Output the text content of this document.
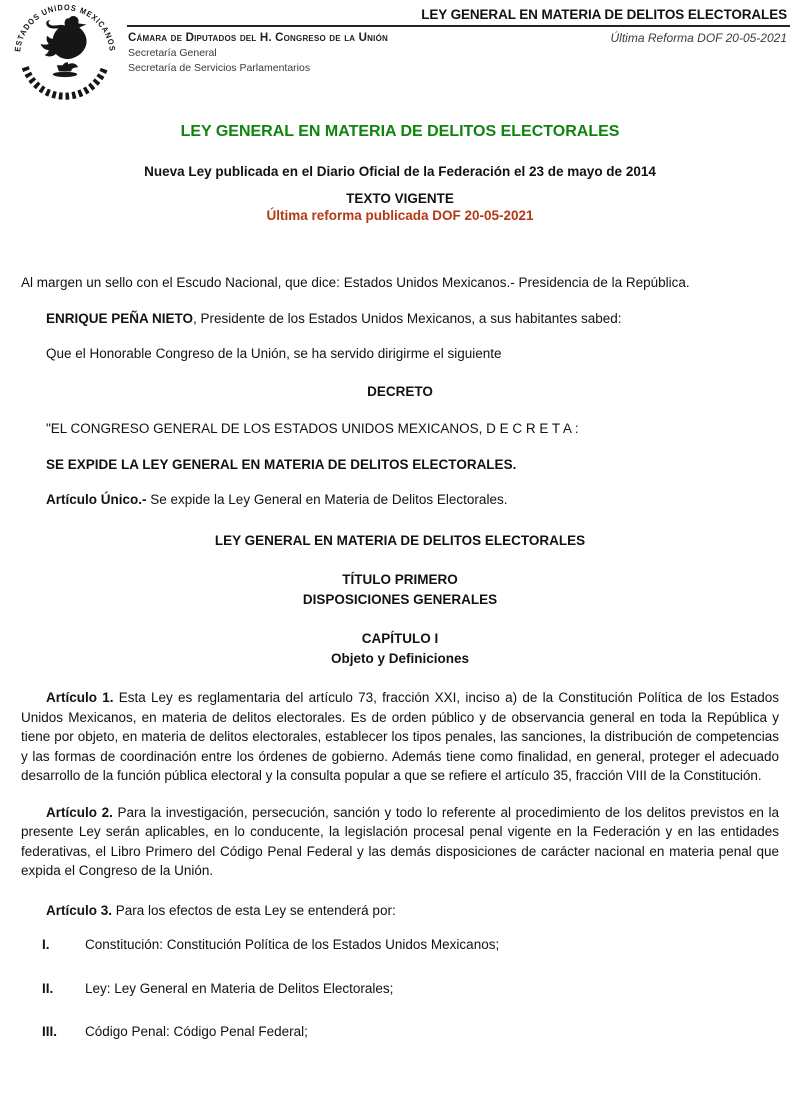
ESTADOS UNIDOS MEXICANOS
LEY GENERAL EN MATERIA DE DELITOS ELECTORALES
Última Reforma DOF 20-05-2021
Cámara de Diputados del H. Congreso de la Unión
Secretaría General
Secretaría de Servicios Parlamentarios
LEY GENERAL EN MATERIA DE DELITOS ELECTORALES
Nueva Ley publicada en el Diario Oficial de la Federación el 23 de mayo de 2014
TEXTO VIGENTE
Última reforma publicada DOF 20-05-2021

Al margen un sello con el Escudo Nacional, que dice: Estados Unidos Mexicanos.- Presidencia de la República.

ENRIQUE PEÑA NIETO, Presidente de los Estados Unidos Mexicanos, a sus habitantes sabed:

Que el Honorable Congreso de la Unión, se ha servido dirigirme el siguiente

DECRETO

"EL CONGRESO GENERAL DE LOS ESTADOS UNIDOS MEXICANOS, D E C R E T A :

SE EXPIDE LA LEY GENERAL EN MATERIA DE DELITOS ELECTORALES.

Artículo Único.- Se expide la Ley General en Materia de Delitos Electorales.

LEY GENERAL EN MATERIA DE DELITOS ELECTORALES
TÍTULO PRIMERO
DISPOSICIONES GENERALES
CAPÍTULO I
Objeto y Definiciones

Artículo 1. Esta Ley es reglamentaria del artículo 73, fracción XXI, inciso a) de la Constitución Política de los Estados Unidos Mexicanos, en materia de delitos electorales. Es de orden público y de observancia general en toda la República y tiene por objeto, en materia de delitos electorales, establecer los tipos penales, las sanciones, la distribución de competencias y las formas de coordinación entre los órdenes de gobierno. Además tiene como finalidad, en general, proteger el adecuado desarrollo de la función pública electoral y la consulta popular a que se refiere el artículo 35, fracción VIII de la Constitución.

Artículo 2. Para la investigación, persecución, sanción y todo lo referente al procedimiento de los delitos previstos en la presente Ley serán aplicables, en lo conducente, la legislación procesal penal vigente en la Federación y en las entidades federativas, el Libro Primero del Código Penal Federal y las demás disposiciones de carácter nacional en materia penal que expida el Congreso de la Unión.

Artículo 3. Para los efectos de esta Ley se entenderá por:

I.	Constitución: Constitución Política de los Estados Unidos Mexicanos;
II.	Ley: Ley General en Materia de Delitos Electorales;
III.	Código Penal: Código Penal Federal;
